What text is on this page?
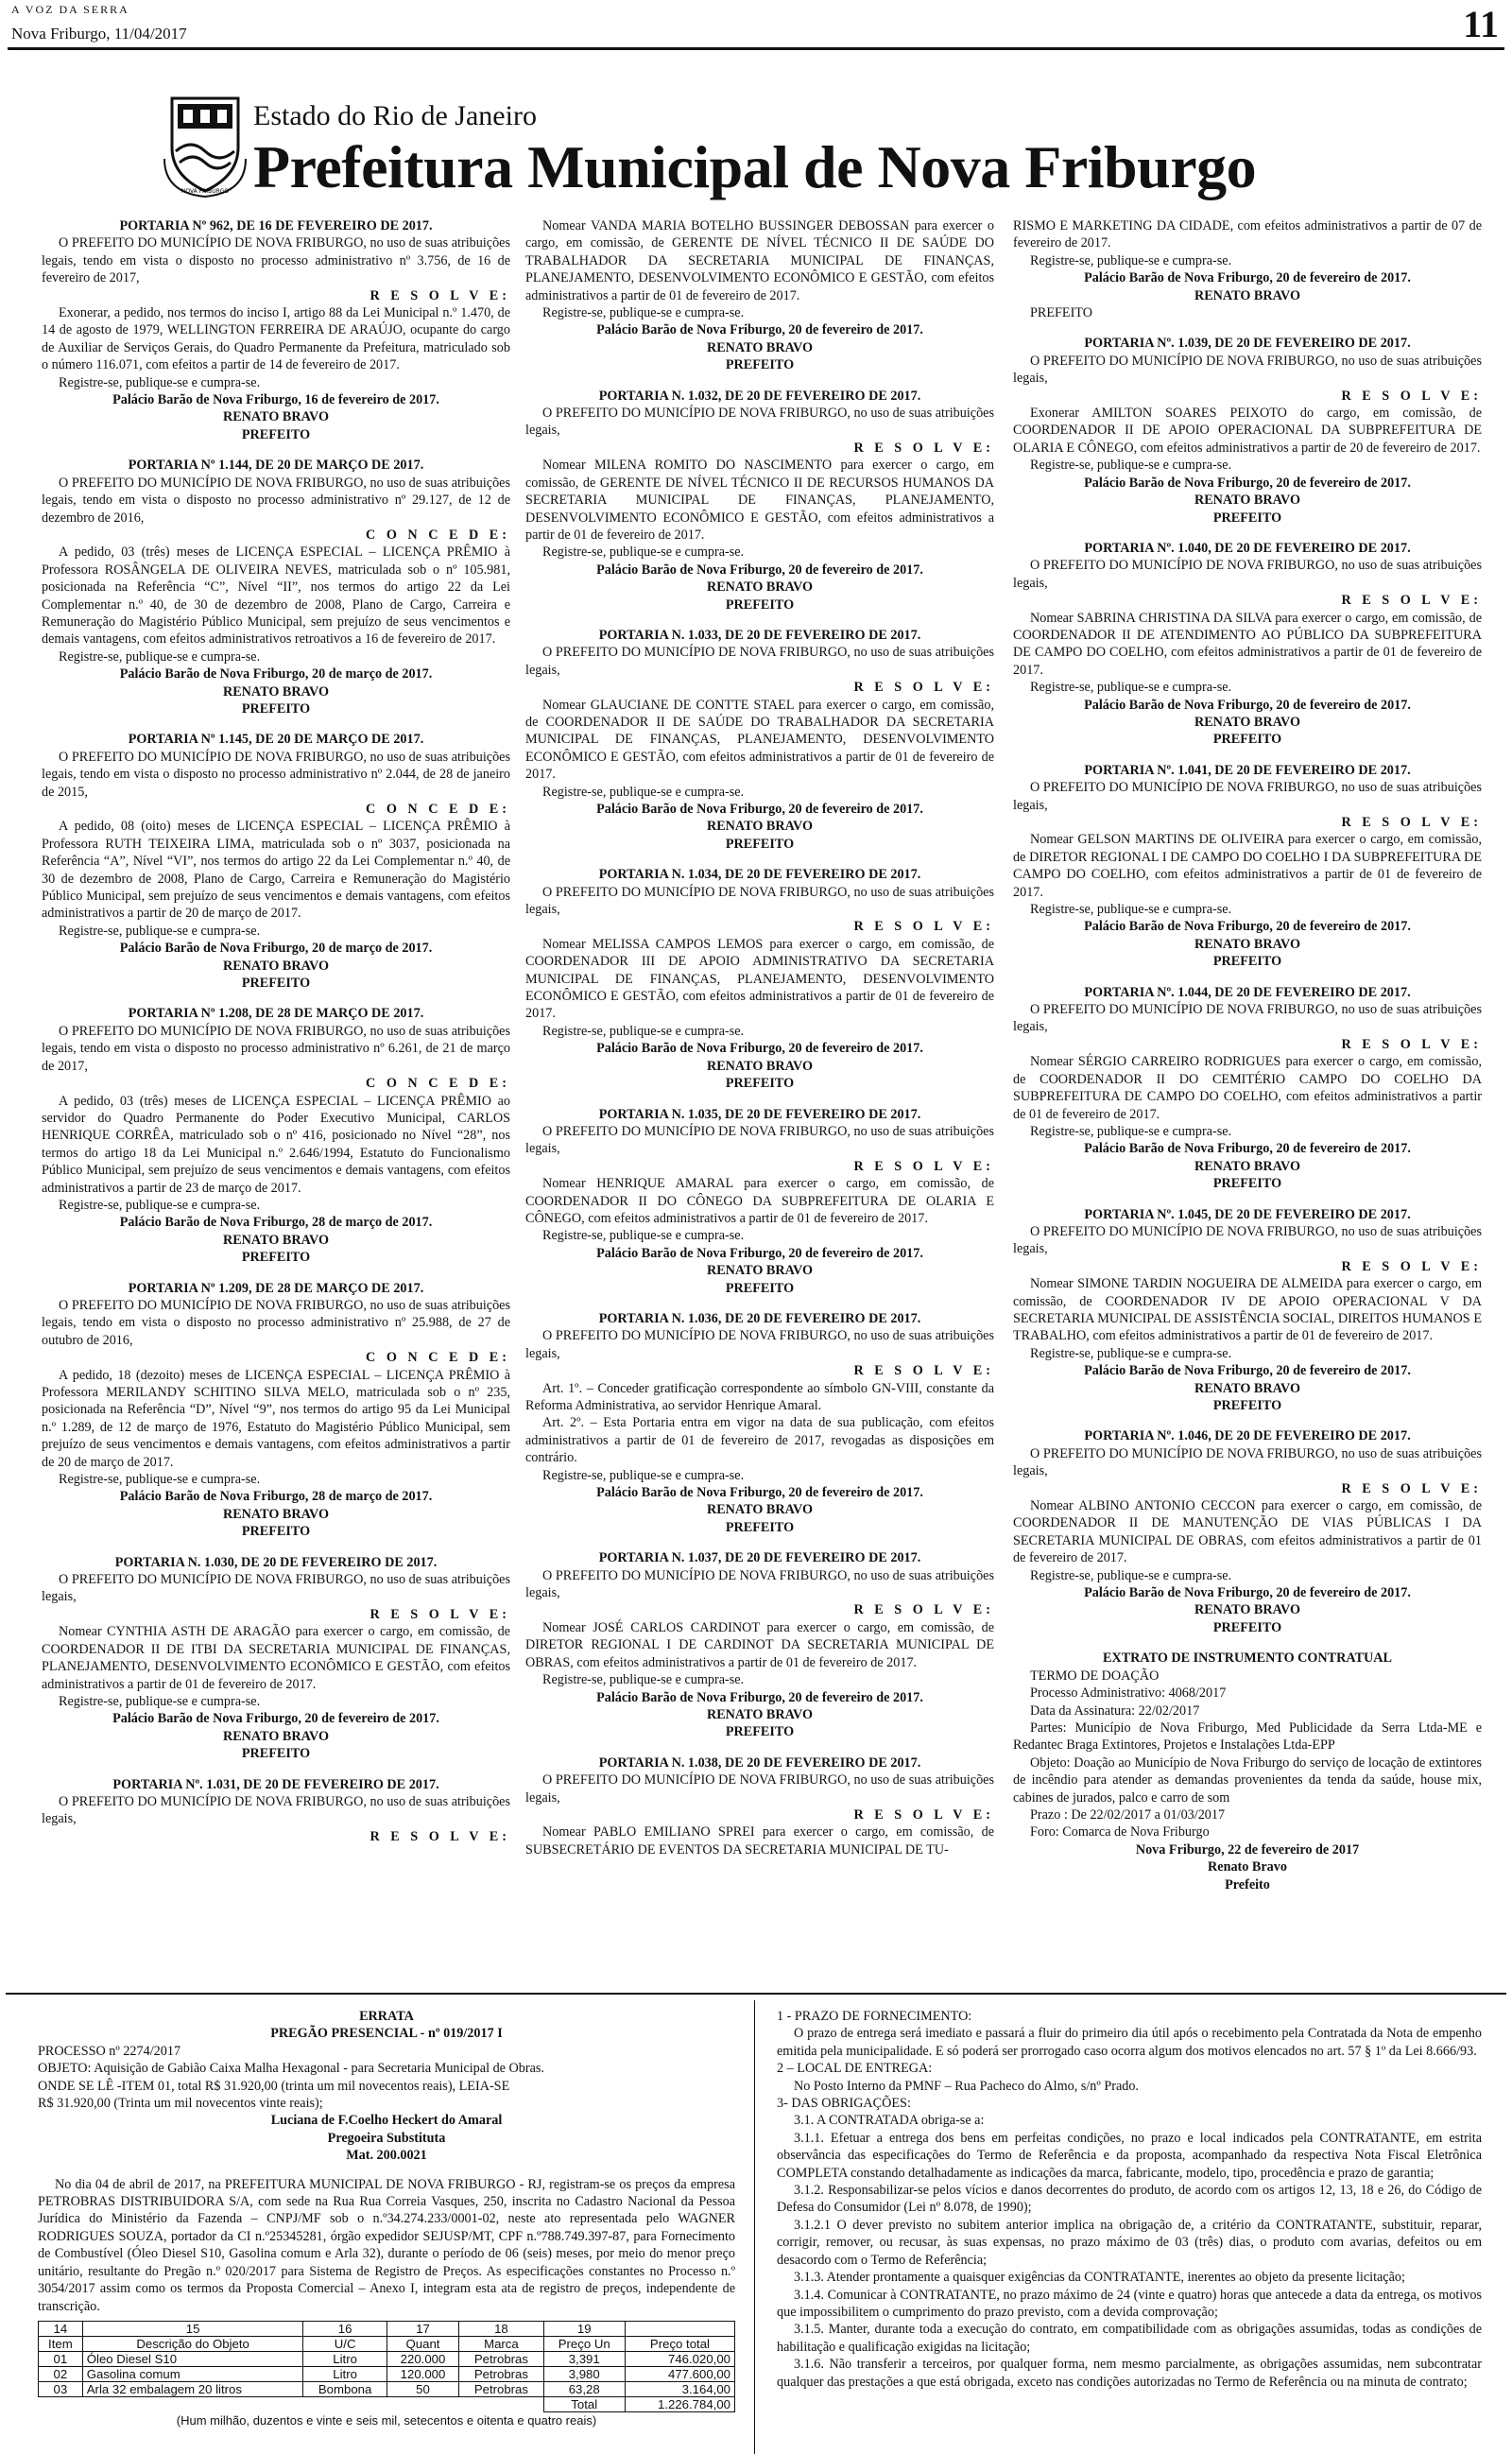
A VOZ DA SERRA
Nova Friburgo, 11/04/2017	11
NOVA FRIBURGO
Estado do Rio de Janeiro
Prefeitura Municipal de Nova Friburgo

PORTARIA Nº 962, DE 16 DE FEVEREIRO DE 2017.

O PREFEITO DO MUNICÍPIO DE NOVA FRIBURGO, no uso de suas atribuições legais, tendo em vista o disposto no processo administrativo nº 3.756, de 16 de fevereiro de 2017,

R E S O L V E:

Exonerar, a pedido, nos termos do inciso I, artigo 88 da Lei Municipal n.º 1.470, de 14 de agosto de 1979, WELLINGTON FERREIRA DE ARAÚJO, ocupante do cargo de Auxiliar de Serviços Gerais, do Quadro Permanente da Prefeitura, matriculado sob o número 116.071, com efeitos a partir de 14 de fevereiro de 2017.

Registre-se, publique-se e cumpra-se.

Palácio Barão de Nova Friburgo, 16 de fevereiro de 2017.

RENATO BRAVO

PREFEITO

PORTARIA Nº 1.144, DE 20 DE MARÇO DE 2017.

O PREFEITO DO MUNICÍPIO DE NOVA FRIBURGO, no uso de suas atribuições legais, tendo em vista o disposto no processo administrativo nº 29.127, de 12 de dezembro de 2016,

C O N C E D E:

A pedido, 03 (três) meses de LICENÇA ESPECIAL – LICENÇA PRÊMIO à Professora ROSÂNGELA DE OLIVEIRA NEVES, matriculada sob o nº 105.981, posicionada na Referência “C”, Nível “II”, nos termos do artigo 22 da Lei Complementar n.º 40, de 30 de dezembro de 2008, Plano de Cargo, Carreira e Remuneração do Magistério Público Municipal, sem prejuízo de seus vencimentos e demais vantagens, com efeitos administrativos retroativos a 16 de fevereiro de 2017.

Registre-se, publique-se e cumpra-se.

Palácio Barão de Nova Friburgo, 20 de março de 2017.

RENATO BRAVO

PREFEITO

PORTARIA Nº 1.145, DE 20 DE MARÇO DE 2017.

O PREFEITO DO MUNICÍPIO DE NOVA FRIBURGO, no uso de suas atribuições legais, tendo em vista o disposto no processo administrativo nº 2.044, de 28 de janeiro de 2015,

C O N C E D E:

A pedido, 08 (oito) meses de LICENÇA ESPECIAL – LICENÇA PRÊMIO à Professora RUTH TEIXEIRA LIMA, matriculada sob o nº 3037, posicionada na Referência “A”, Nível “VI”, nos termos do artigo 22 da Lei Complementar n.º 40, de 30 de dezembro de 2008, Plano de Cargo, Carreira e Remuneração do Magistério Público Municipal, sem prejuízo de seus vencimentos e demais vantagens, com efeitos administrativos a partir de 20 de março de 2017.

Registre-se, publique-se e cumpra-se.

Palácio Barão de Nova Friburgo, 20 de março de 2017.

RENATO BRAVO

PREFEITO

PORTARIA Nº 1.208, DE 28 DE MARÇO DE 2017.

O PREFEITO DO MUNICÍPIO DE NOVA FRIBURGO, no uso de suas atribuições legais, tendo em vista o disposto no processo administrativo nº 6.261, de 21 de março de 2017,

C O N C E D E:

A pedido, 03 (três) meses de LICENÇA ESPECIAL – LICENÇA PRÊMIO ao servidor do Quadro Permanente do Poder Executivo Municipal, CARLOS HENRIQUE CORRÊA, matriculado sob o nº 416, posicionado no Nível “28”, nos termos do artigo 18 da Lei Municipal n.º 2.646/1994, Estatuto do Funcionalismo Público Municipal, sem prejuízo de seus vencimentos e demais vantagens, com efeitos administrativos a partir de 23 de março de 2017.

Registre-se, publique-se e cumpra-se.

Palácio Barão de Nova Friburgo, 28 de março de 2017.

RENATO BRAVO

PREFEITO

PORTARIA Nº 1.209, DE 28 DE MARÇO DE 2017.

O PREFEITO DO MUNICÍPIO DE NOVA FRIBURGO, no uso de suas atribuições legais, tendo em vista o disposto no processo administrativo nº 25.988, de 27 de outubro de 2016,

C O N C E D E:

A pedido, 18 (dezoito) meses de LICENÇA ESPECIAL – LICENÇA PRÊMIO à Professora MERILANDY SCHITINO SILVA MELO, matriculada sob o nº 235, posicionada na Referência “D”, Nível “9”, nos termos do artigo 95 da Lei Municipal n.º 1.289, de 12 de março de 1976, Estatuto do Magistério Público Municipal, sem prejuízo de seus vencimentos e demais vantagens, com efeitos administrativos a partir de 20 de março de 2017.

Registre-se, publique-se e cumpra-se.

Palácio Barão de Nova Friburgo, 28 de março de 2017.

RENATO BRAVO

PREFEITO

PORTARIA N. 1.030, DE 20 DE FEVEREIRO DE 2017.

O PREFEITO DO MUNICÍPIO DE NOVA FRIBURGO, no uso de suas atribuições legais,

R E S O L V E:

Nomear CYNTHIA ASTH DE ARAGÃO para exercer o cargo, em comissão, de COORDENADOR II DE ITBI DA SECRETARIA MUNICIPAL DE FINANÇAS, PLANEJAMENTO, DESENVOLVIMENTO ECONÔMICO E GESTÃO, com efeitos administrativos a partir de 01 de fevereiro de 2017.

Registre-se, publique-se e cumpra-se.

Palácio Barão de Nova Friburgo, 20 de fevereiro de 2017.

RENATO BRAVO

PREFEITO

PORTARIA Nº. 1.031, DE 20 DE FEVEREIRO DE 2017.

O PREFEITO DO MUNICÍPIO DE NOVA FRIBURGO, no uso de suas atribuições legais,

R E S O L V E:

Nomear VANDA MARIA BOTELHO BUSSINGER DEBOSSAN para exercer o cargo, em comissão, de GERENTE DE NÍVEL TÉCNICO II DE SAÚDE DO TRABALHADOR DA SECRETARIA MUNICIPAL DE FINANÇAS, PLANEJAMENTO, DESENVOLVIMENTO ECONÔMICO E GESTÃO, com efeitos administrativos a partir de 01 de fevereiro de 2017.

Registre-se, publique-se e cumpra-se.

Palácio Barão de Nova Friburgo, 20 de fevereiro de 2017.

RENATO BRAVO

PREFEITO

PORTARIA N. 1.032, DE 20 DE FEVEREIRO DE 2017.

O PREFEITO DO MUNICÍPIO DE NOVA FRIBURGO, no uso de suas atribuições legais,

R E S O L V E:

Nomear MILENA ROMITO DO NASCIMENTO para exercer o cargo, em comissão, de GERENTE DE NÍVEL TÉCNICO II DE RECURSOS HUMANOS DA SECRETARIA MUNICIPAL DE FINANÇAS, PLANEJAMENTO, DESENVOLVIMENTO ECONÔMICO E GESTÃO, com efeitos administrativos a partir de 01 de fevereiro de 2017.

Registre-se, publique-se e cumpra-se.

Palácio Barão de Nova Friburgo, 20 de fevereiro de 2017.

RENATO BRAVO

PREFEITO

PORTARIA N. 1.033, DE 20 DE FEVEREIRO DE 2017.

O PREFEITO DO MUNICÍPIO DE NOVA FRIBURGO, no uso de suas atribuições legais,

R E S O L V E:

Nomear GLAUCIANE DE CONTTE STAEL para exercer o cargo, em comissão, de COORDENADOR II DE SAÚDE DO TRABALHADOR DA SECRETARIA MUNICIPAL DE FINANÇAS, PLANEJAMENTO, DESENVOLVIMENTO ECONÔMICO E GESTÃO, com efeitos administrativos a partir de 01 de fevereiro de 2017.

Registre-se, publique-se e cumpra-se.

Palácio Barão de Nova Friburgo, 20 de fevereiro de 2017.

RENATO BRAVO

PREFEITO

PORTARIA N. 1.034, DE 20 DE FEVEREIRO DE 2017.

O PREFEITO DO MUNICÍPIO DE NOVA FRIBURGO, no uso de suas atribuições legais,

R E S O L V E:

Nomear MELISSA CAMPOS LEMOS para exercer o cargo, em comissão, de COORDENADOR III DE APOIO ADMINISTRATIVO DA SECRETARIA MUNICIPAL DE FINANÇAS, PLANEJAMENTO, DESENVOLVIMENTO ECONÔMICO E GESTÃO, com efeitos administrativos a partir de 01 de fevereiro de 2017.

Registre-se, publique-se e cumpra-se.

Palácio Barão de Nova Friburgo, 20 de fevereiro de 2017.

RENATO BRAVO

PREFEITO

PORTARIA N. 1.035, DE 20 DE FEVEREIRO DE 2017.

O PREFEITO DO MUNICÍPIO DE NOVA FRIBURGO, no uso de suas atribuições legais,

R E S O L V E:

Nomear HENRIQUE AMARAL para exercer o cargo, em comissão, de COORDENADOR II DO CÔNEGO DA SUBPREFEITURA DE OLARIA E CÔNEGO, com efeitos administrativos a partir de 01 de fevereiro de 2017.

Registre-se, publique-se e cumpra-se.

Palácio Barão de Nova Friburgo, 20 de fevereiro de 2017.

RENATO BRAVO

PREFEITO

PORTARIA N. 1.036, DE 20 DE FEVEREIRO DE 2017.

O PREFEITO DO MUNICÍPIO DE NOVA FRIBURGO, no uso de suas atribuições legais,

R E S O L V E:

Art. 1º. – Conceder gratificação correspondente ao símbolo GN-VIII, constante da Reforma Administrativa, ao servidor Henrique Amaral.

Art. 2º. – Esta Portaria entra em vigor na data de sua publicação, com efeitos administrativos a partir de 01 de fevereiro de 2017, revogadas as disposições em contrário.

Registre-se, publique-se e cumpra-se.

Palácio Barão de Nova Friburgo, 20 de fevereiro de 2017.

RENATO BRAVO

PREFEITO

PORTARIA N. 1.037, DE 20 DE FEVEREIRO DE 2017.

O PREFEITO DO MUNICÍPIO DE NOVA FRIBURGO, no uso de suas atribuições legais,

R E S O L V E:

Nomear JOSÉ CARLOS CARDINOT para exercer o cargo, em comissão, de DIRETOR REGIONAL I DE CARDINOT DA SECRETARIA MUNICIPAL DE OBRAS, com efeitos administrativos a partir de 01 de fevereiro de 2017.

Registre-se, publique-se e cumpra-se.

Palácio Barão de Nova Friburgo, 20 de fevereiro de 2017.

RENATO BRAVO

PREFEITO

PORTARIA N. 1.038, DE 20 DE FEVEREIRO DE 2017.

O PREFEITO DO MUNICÍPIO DE NOVA FRIBURGO, no uso de suas atribuições legais,

R E S O L V E:

Nomear PABLO EMILIANO SPREI para exercer o cargo, em comissão, de SUBSECRETÁRIO DE EVENTOS DA SECRETARIA MUNICIPAL DE TU-

RISMO E MARKETING DA CIDADE, com efeitos administrativos a partir de 07 de fevereiro de 2017.

Registre-se, publique-se e cumpra-se.

Palácio Barão de Nova Friburgo, 20 de fevereiro de 2017.

RENATO BRAVO

PREFEITO

PORTARIA Nº. 1.039, DE 20 DE FEVEREIRO DE 2017.

O PREFEITO DO MUNICÍPIO DE NOVA FRIBURGO, no uso de suas atribuições legais,

R E S O L V E:

Exonerar AMILTON SOARES PEIXOTO do cargo, em comissão, de COORDENADOR II DE APOIO OPERACIONAL DA SUBPREFEITURA DE OLARIA E CÔNEGO, com efeitos administrativos a partir de 20 de fevereiro de 2017.

Registre-se, publique-se e cumpra-se.

Palácio Barão de Nova Friburgo, 20 de fevereiro de 2017.

RENATO BRAVO

PREFEITO

PORTARIA Nº. 1.040, DE 20 DE FEVEREIRO DE 2017.

O PREFEITO DO MUNICÍPIO DE NOVA FRIBURGO, no uso de suas atribuições legais,

R E S O L V E:

Nomear SABRINA CHRISTINA DA SILVA para exercer o cargo, em comissão, de COORDENADOR II DE ATENDIMENTO AO PÚBLICO DA SUBPREFEITURA DE CAMPO DO COELHO, com efeitos administrativos a partir de 01 de fevereiro de 2017.

Registre-se, publique-se e cumpra-se.

Palácio Barão de Nova Friburgo, 20 de fevereiro de 2017.

RENATO BRAVO

PREFEITO

PORTARIA Nº. 1.041, DE 20 DE FEVEREIRO DE 2017.

O PREFEITO DO MUNICÍPIO DE NOVA FRIBURGO, no uso de suas atribuições legais,

R E S O L V E:

Nomear GELSON MARTINS DE OLIVEIRA para exercer o cargo, em comissão, de DIRETOR REGIONAL I DE CAMPO DO COELHO I DA SUBPREFEITURA DE CAMPO DO COELHO, com efeitos administrativos a partir de 01 de fevereiro de 2017.

Registre-se, publique-se e cumpra-se.

Palácio Barão de Nova Friburgo, 20 de fevereiro de 2017.

RENATO BRAVO

PREFEITO

PORTARIA Nº. 1.044, DE 20 DE FEVEREIRO DE 2017.

O PREFEITO DO MUNICÍPIO DE NOVA FRIBURGO, no uso de suas atribuições legais,

R E S O L V E:

Nomear SÉRGIO CARREIRO RODRIGUES para exercer o cargo, em comissão, de COORDENADOR II DO CEMITÉRIO CAMPO DO COELHO DA SUBPREFEITURA DE CAMPO DO COELHO, com efeitos administrativos a partir de 01 de fevereiro de 2017.

Registre-se, publique-se e cumpra-se.

Palácio Barão de Nova Friburgo, 20 de fevereiro de 2017.

RENATO BRAVO

PREFEITO

PORTARIA Nº. 1.045, DE 20 DE FEVEREIRO DE 2017.

O PREFEITO DO MUNICÍPIO DE NOVA FRIBURGO, no uso de suas atribuições legais,

R E S O L V E:

Nomear SIMONE TARDIN NOGUEIRA DE ALMEIDA para exercer o cargo, em comissão, de COORDENADOR IV DE APOIO OPERACIONAL V DA SECRETARIA MUNICIPAL DE ASSISTÊNCIA SOCIAL, DIREITOS HUMANOS E TRABALHO, com efeitos administrativos a partir de 01 de fevereiro de 2017.

Registre-se, publique-se e cumpra-se.

Palácio Barão de Nova Friburgo, 20 de fevereiro de 2017.

RENATO BRAVO

PREFEITO

PORTARIA Nº. 1.046, DE 20 DE FEVEREIRO DE 2017.

O PREFEITO DO MUNICÍPIO DE NOVA FRIBURGO, no uso de suas atribuições legais,

R E S O L V E:

Nomear ALBINO ANTONIO CECCON para exercer o cargo, em comissão, de COORDENADOR II DE MANUTENÇÃO DE VIAS PÚBLICAS I DA SECRETARIA MUNICIPAL DE OBRAS, com efeitos administrativos a partir de 01 de fevereiro de 2017.

Registre-se, publique-se e cumpra-se.

Palácio Barão de Nova Friburgo, 20 de fevereiro de 2017.

RENATO BRAVO

PREFEITO

EXTRATO DE INSTRUMENTO CONTRATUAL

TERMO DE DOAÇÃO

Processo Administrativo: 4068/2017

Data da Assinatura: 22/02/2017

Partes: Município de Nova Friburgo, Med Publicidade da Serra Ltda-ME e Redantec Braga Extintores, Projetos e Instalações Ltda-EPP

Objeto: Doação ao Município de Nova Friburgo do serviço de locação de extintores de incêndio para atender as demandas provenientes da tenda da saúde, house mix, cabines de jurados, palco e carro de som

Prazo : De 22/02/2017 a 01/03/2017

Foro: Comarca de Nova Friburgo

Nova Friburgo, 22 de fevereiro de 2017

Renato Bravo

Prefeito

ERRATA

PREGÃO PRESENCIAL - nº 019/2017 I

PROCESSO nº 2274/2017

OBJETO: Aquisição de Gabião Caixa Malha Hexagonal - para Secretaria Municipal de Obras.

ONDE SE LÊ -ITEM 01, total R$ 31.920,00 (trinta um mil novecentos reais), LEIA-SE

R$ 31.920,00 (Trinta um mil novecentos vinte reais);

Luciana de F.Coelho Heckert do Amaral

Pregoeira Substituta

Mat. 200.0021

No dia 04 de abril de 2017, na PREFEITURA MUNICIPAL DE NOVA FRIBURGO - RJ, registram-se os preços da empresa PETROBRAS DISTRIBUIDORA S/A, com sede na Rua Rua Correia Vasques, 250, inscrita no Cadastro Nacional da Pessoa Jurídica do Ministério da Fazenda – CNPJ/MF sob o n.º34.274.233/0001-02, neste ato representada pelo WAGNER RODRIGUES SOUZA, portador da CI n.º25345281, órgão expedidor SEJUSP/MT, CPF n.º788.749.397-87, para Fornecimento de Combustível (Óleo Diesel S10, Gasolina comum e Arla 32), durante o período de 06 (seis) meses, por meio do menor preço unitário, resultante do Pregão n.º 020/2017 para Sistema de Registro de Preços. As especificações constantes no Processo n.º 3054/2017 assim como os termos da Proposta Comercial – Anexo I, integram esta ata de registro de preços, independente de transcrição.

14	15	16	17	18	19	
Item	Descrição do Objeto	U/C	Quant	Marca	Preço Un	Preço total
01	Óleo Diesel S10	Litro	220.000	Petrobras	3,391	746.020,00
02	Gasolina comum	Litro	120.000	Petrobras	3,980	477.600,00
03	Arla 32 embalagem 20 litros	Bombona	50	Petrobras	63,28	3.164,00
					Total	1.226.784,00
(Hum milhão, duzentos e vinte e seis mil, setecentos e oitenta e quatro reais)

1 - PRAZO DE FORNECIMENTO:

O prazo de entrega será imediato e passará a fluir do primeiro dia útil após o recebimento pela Contratada da Nota de empenho emitida pela municipalidade. E só poderá ser prorrogado caso ocorra algum dos motivos elencados no art. 57 § 1º da Lei 8.666/93.

2 – LOCAL DE ENTREGA:

No Posto Interno da PMNF – Rua Pacheco do Almo, s/nº Prado.

3- DAS OBRIGAÇÕES:

3.1. A CONTRATADA obriga-se a:

3.1.1. Efetuar a entrega dos bens em perfeitas condições, no prazo e local indicados pela CONTRATANTE, em estrita observância das especificações do Termo de Referência e da proposta, acompanhado da respectiva Nota Fiscal Eletrônica COMPLETA constando detalhadamente as indicações da marca, fabricante, modelo, tipo, procedência e prazo de garantia;

3.1.2. Responsabilizar-se pelos vícios e danos decorrentes do produto, de acordo com os artigos 12, 13, 18 e 26, do Código de Defesa do Consumidor (Lei nº 8.078, de 1990);

3.1.2.1 O dever previsto no subitem anterior implica na obrigação de, a critério da CONTRATANTE, substituir, reparar, corrigir, remover, ou recusar, às suas expensas, no prazo máximo de 03 (três) dias, o produto com avarias, defeitos ou em desacordo com o Termo de Referência;

3.1.3. Atender prontamente a quaisquer exigências da CONTRATANTE, inerentes ao objeto da presente licitação;

3.1.4. Comunicar à CONTRATANTE, no prazo máximo de 24 (vinte e quatro) horas que antecede a data da entrega, os motivos que impossibilitem o cumprimento do prazo previsto, com a devida comprovação;

3.1.5. Manter, durante toda a execução do contrato, em compatibilidade com as obrigações assumidas, todas as condições de habilitação e qualificação exigidas na licitação;

3.1.6. Não transferir a terceiros, por qualquer forma, nem mesmo parcialmente, as obrigações assumidas, nem subcontratar qualquer das prestações a que está obrigada, exceto nas condições autorizadas no Termo de Referência ou na minuta de contrato;
